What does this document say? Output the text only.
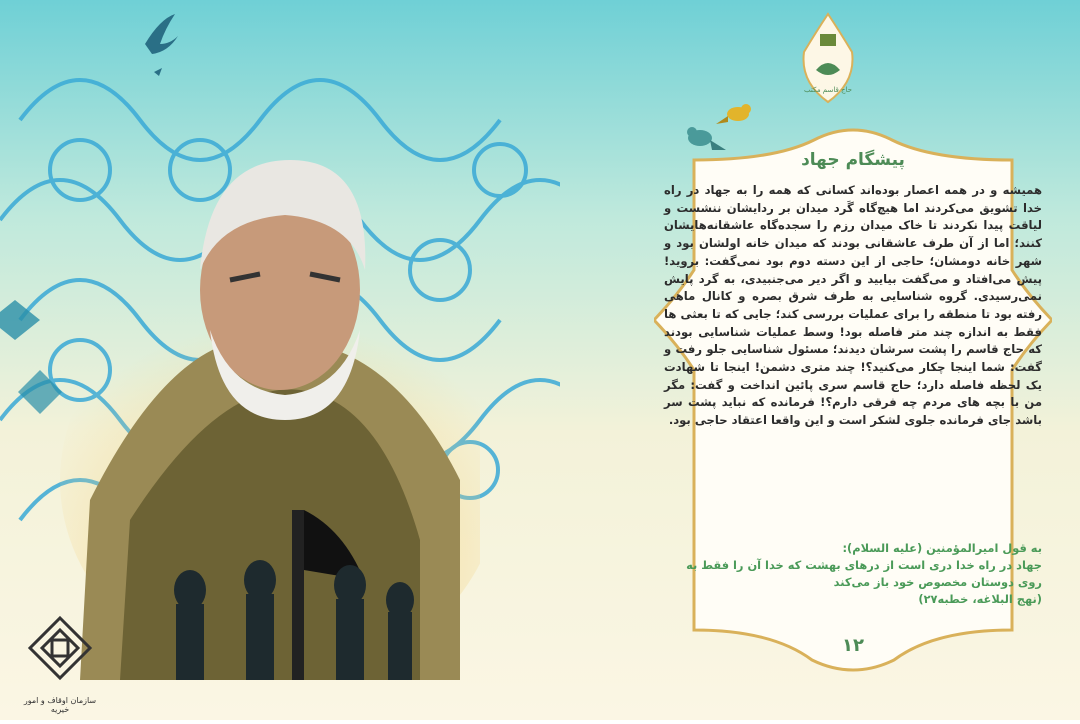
حاج قاسم مکتب
پیشگام جهاد
همیشه و در همه اعصار بوده‌اند کسانی که همه را به جهاد در راه خدا تشویق می‌کردند اما هیچ‌گاه گَرد میدان بر ردایشان ننشست و لیاقت پیدا نکردند تا خاک میدان رزم را سجده‌گاه عاشقانه‌هایشان کنند؛ اما از آن طرف عاشقانی بودند که میدان خانه اولشان بود و شهر خانه دومشان؛ حاجی از این دسته دوم بود نمی‌گفت: بروید! پیش می‌افتاد و می‌گفت بیایید و اگر دیر می‌جنبیدی، به گرد پایش نمی‌رسیدی. گروه شناسایی به طرف شرق بصره و کانال ماهی رفته بود تا منطقه را برای عملیات بررسی کند؛ جایی که تا بعثی ها فقط به اندازه چند متر فاصله بود! وسط عملیات شناسایی بودند که حاج قاسم را پشت سرشان دیدند؛ مسئول شناسایی جلو رفت و گفت: شما اینجا چکار می‌کنید؟! چند متری دشمن! اینجا تا شهادت یک لحظه فاصله دارد؛ حاج قاسم سری پائین انداخت و گفت: مگر من با بچه های مردم چه فرقی دارم؟! فرمانده که نباید پشت سر باشد جای فرمانده جلوی لشکر است و این واقعا اعتقاد حاجی بود.

به قول امیرالمؤمنین (علیه السلام):

جهاد در راه خدا دری است از درهای بهشت که خدا آن را فقط به روی دوستان مخصوص خود باز می‌کند

(نهج البلاغه، خطبه۲۷)

۱۲
سازمان اوقاف و امور خیریه
